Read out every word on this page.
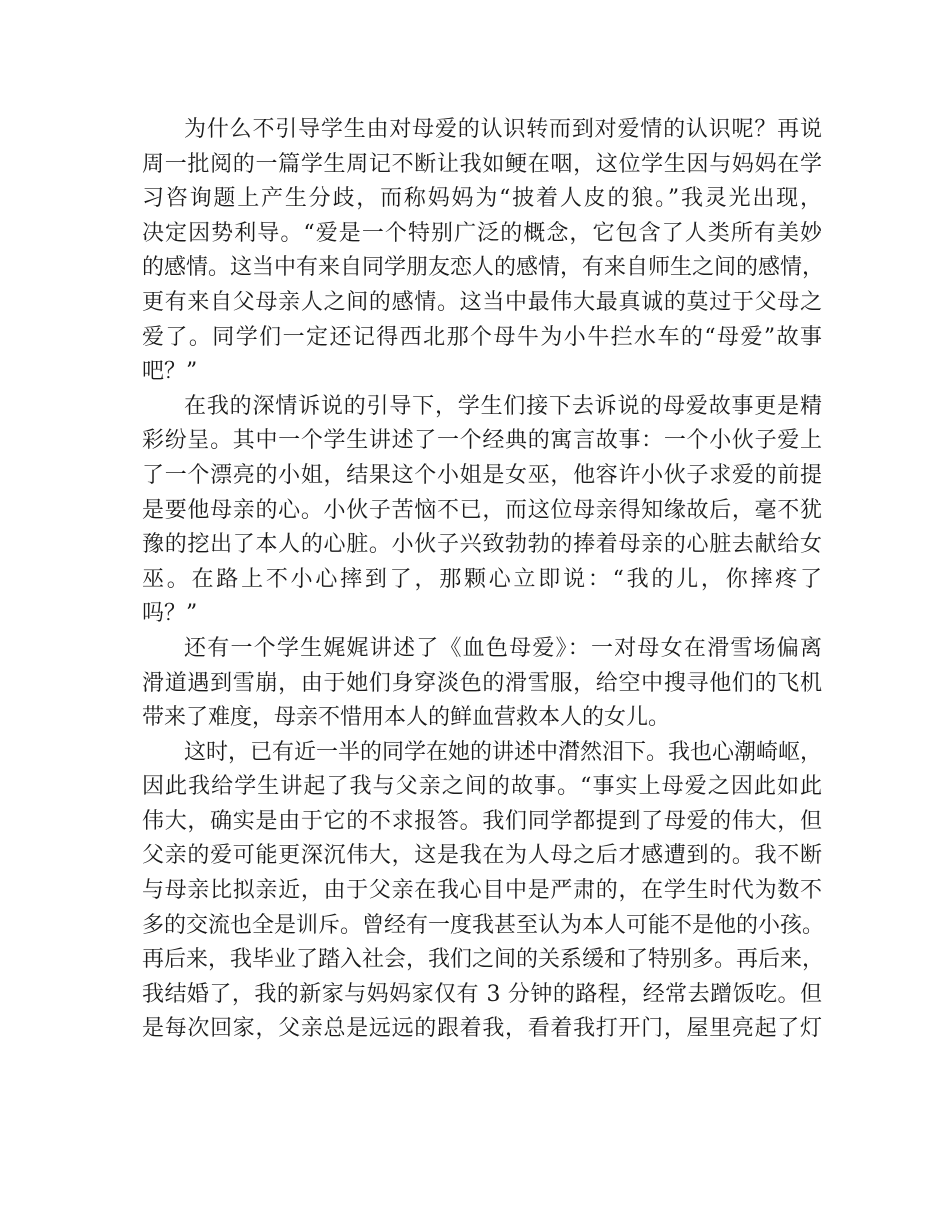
为什么不引导学生由对母爱的认识转而到对爱情的认识呢？再说
周一批阅的一篇学生周记不断让我如鲠在咽，这位学生因与妈妈在学
习咨询题上产生分歧，而称妈妈为“披着人皮的狼。”我灵光出现，
决定因势利导。“爱是一个特别广泛的概念，它包含了人类所有美妙
的感情。这当中有来自同学朋友恋人的感情，有来自师生之间的感情，
更有来自父母亲人之间的感情。这当中最伟大最真诚的莫过于父母之
爱了。同学们一定还记得西北那个母牛为小牛拦水车的“母爱”故事
吧？”
在我的深情诉说的引导下，学生们接下去诉说的母爱故事更是精
彩纷呈。其中一个学生讲述了一个经典的寓言故事：一个小伙子爱上
了一个漂亮的小姐，结果这个小姐是女巫，他容许小伙子求爱的前提
是要他母亲的心。小伙子苦恼不已，而这位母亲得知缘故后，毫不犹
豫的挖出了本人的心脏。小伙子兴致勃勃的捧着母亲的心脏去献给女
巫。在路上不小心摔到了，那颗心立即说：“我的儿，你摔疼了
吗？”
还有一个学生娓娓讲述了《血色母爱》：一对母女在滑雪场偏离
滑道遇到雪崩，由于她们身穿淡色的滑雪服，给空中搜寻他们的飞机
带来了难度，母亲不惜用本人的鲜血营救本人的女儿。
这时，已有近一半的同学在她的讲述中潸然泪下。我也心潮崎岖，
因此我给学生讲起了我与父亲之间的故事。“事实上母爱之因此如此
伟大，确实是由于它的不求报答。我们同学都提到了母爱的伟大，但
父亲的爱可能更深沉伟大，这是我在为人母之后才感遭到的。我不断
与母亲比拟亲近，由于父亲在我心目中是严肃的，在学生时代为数不
多的交流也全是训斥。曾经有一度我甚至认为本人可能不是他的小孩。
再后来，我毕业了踏入社会，我们之间的关系缓和了特别多。再后来，
我结婚了，我的新家与妈妈家仅有 3 分钟的路程，经常去蹭饭吃。但
是每次回家，父亲总是远远的跟着我，看着我打开门，屋里亮起了灯
